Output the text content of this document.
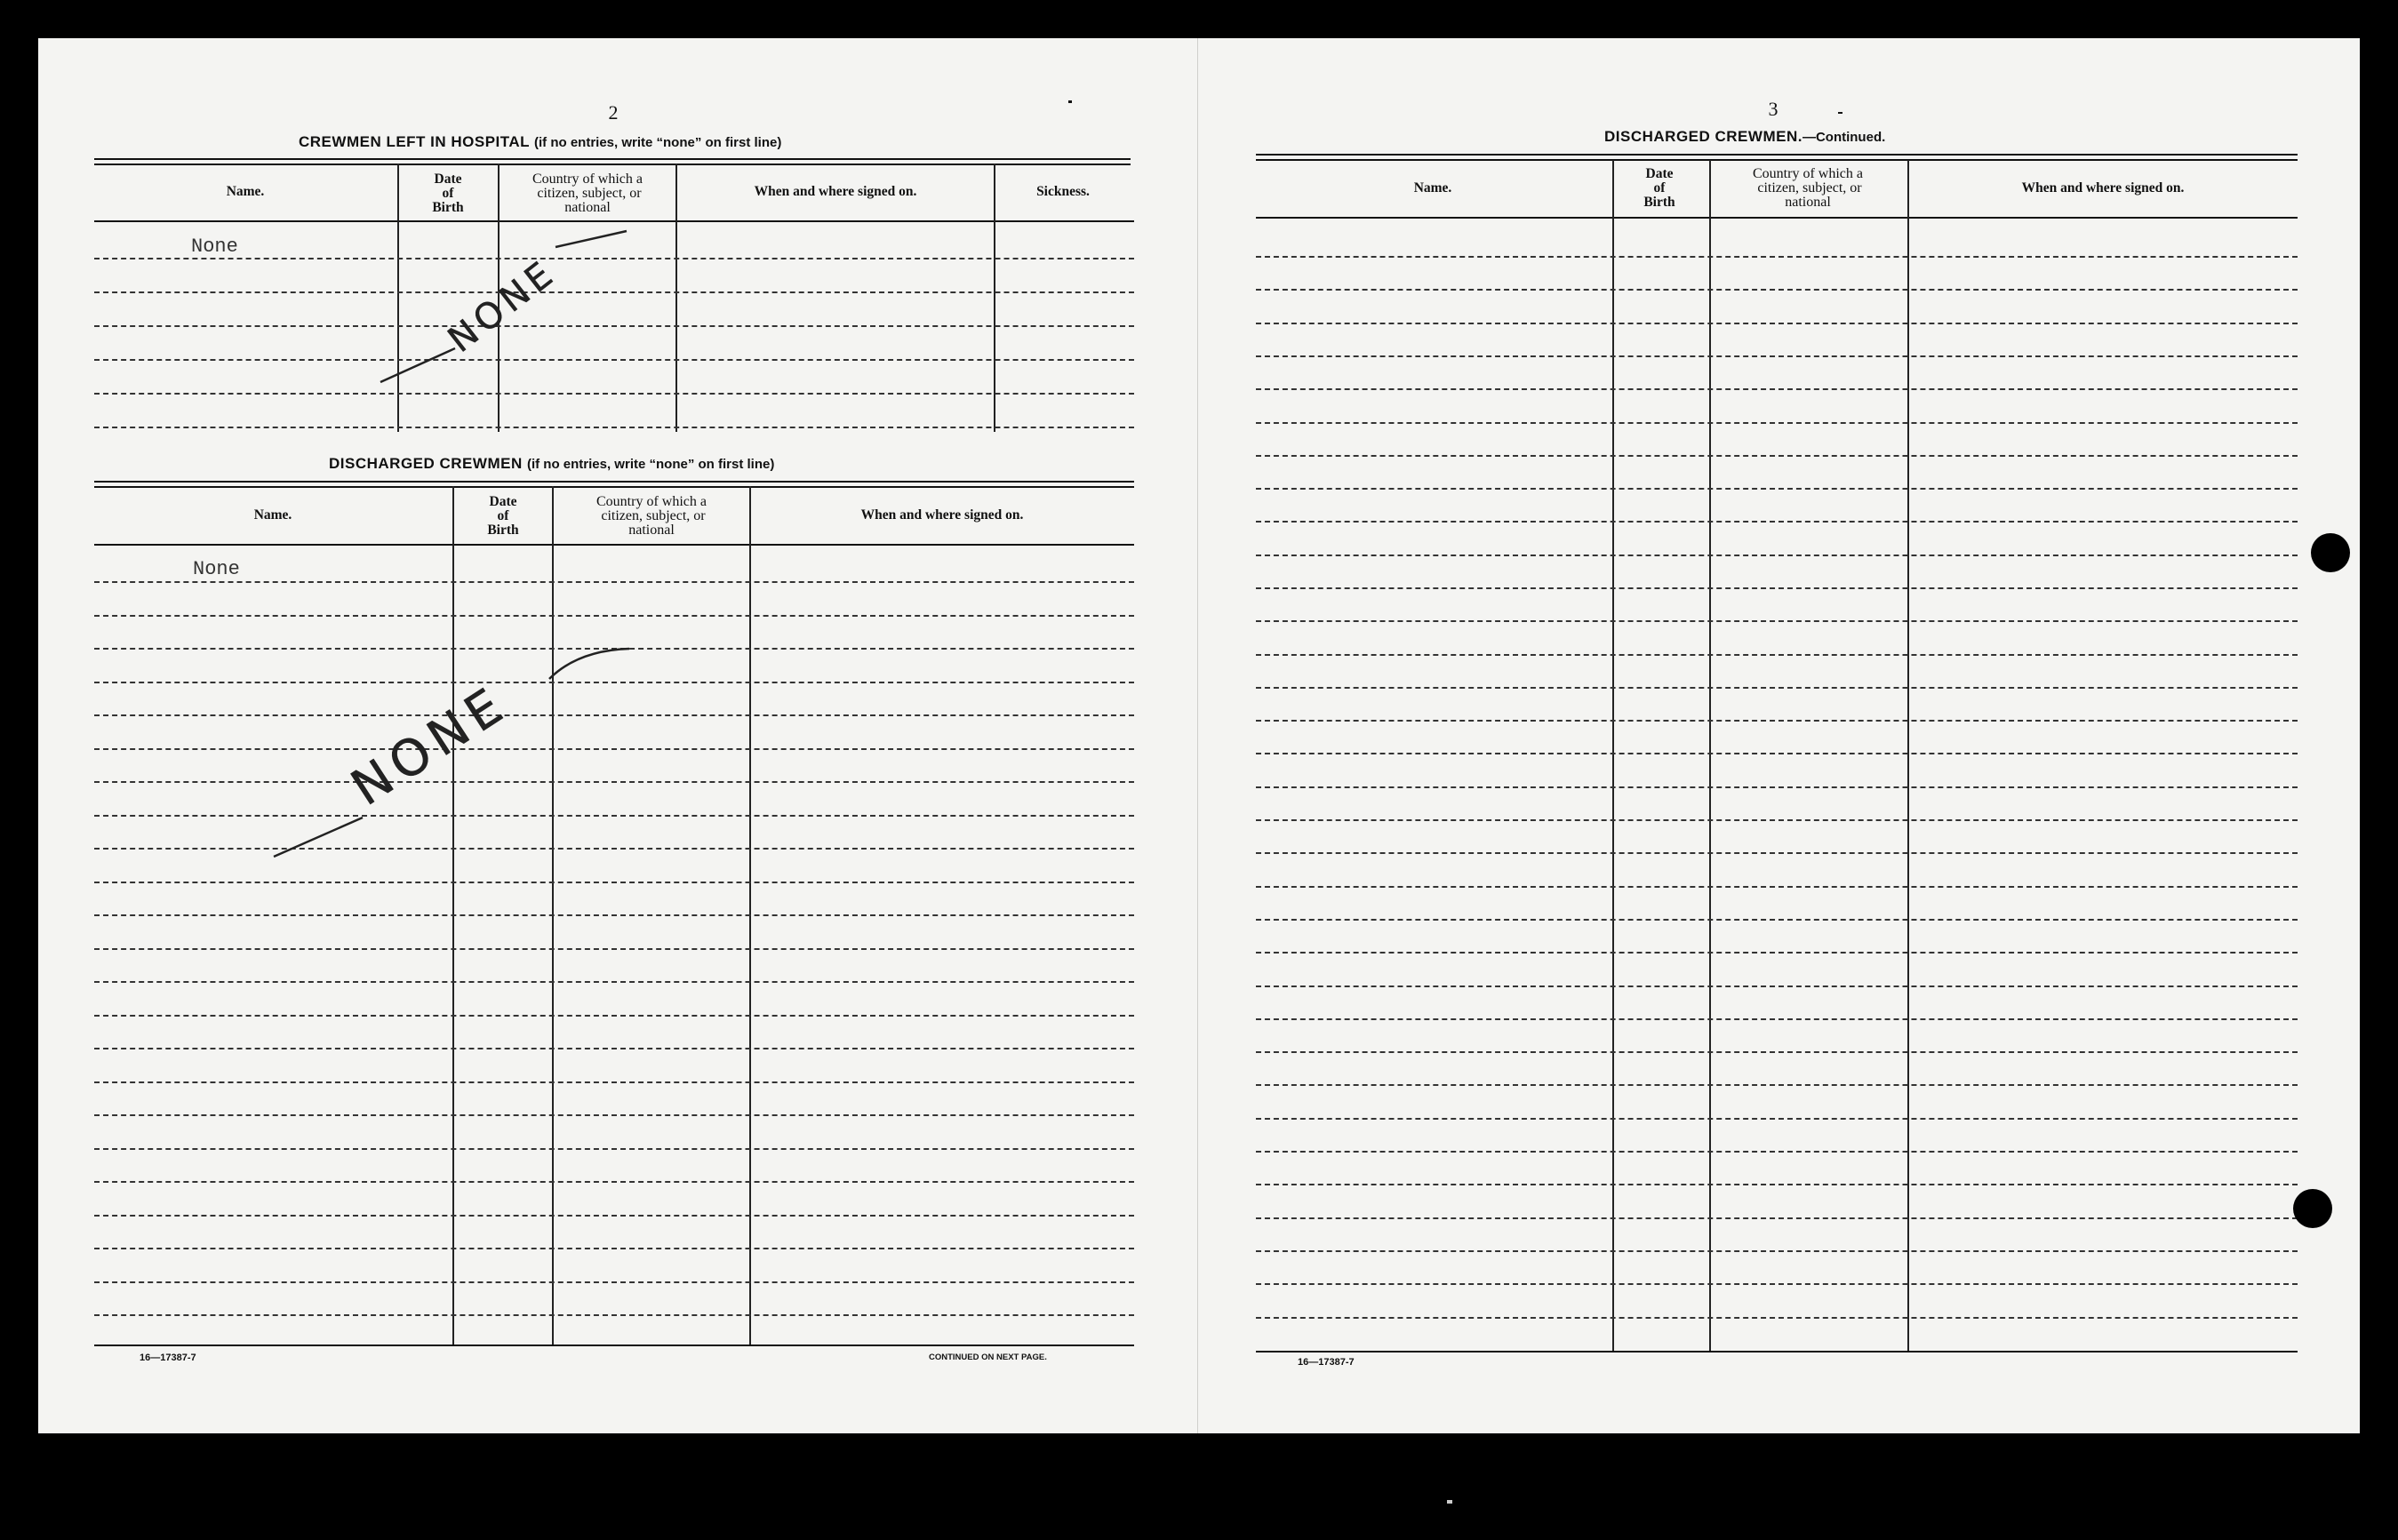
2
CREWMEN LEFT IN HOSPITAL (if no entries, write “none” on first line)
Name.
Date
of
Birth
Country of which a
citizen, subject, or
national
When and where signed on.	Sickness.
None
NONE
DISCHARGED CREWMEN (if no entries, write “none” on first line)
Name.
Date
of
Birth
Country of which a
citizen, subject, or
national
When and where signed on.
None
NONE
16—17387-7	CONTINUED ON NEXT PAGE.
3
DISCHARGED CREWMEN.—Continued.
Name.
Date
of
Birth
Country of which a
citizen, subject, or
national
When and where signed on.
16—17387-7
